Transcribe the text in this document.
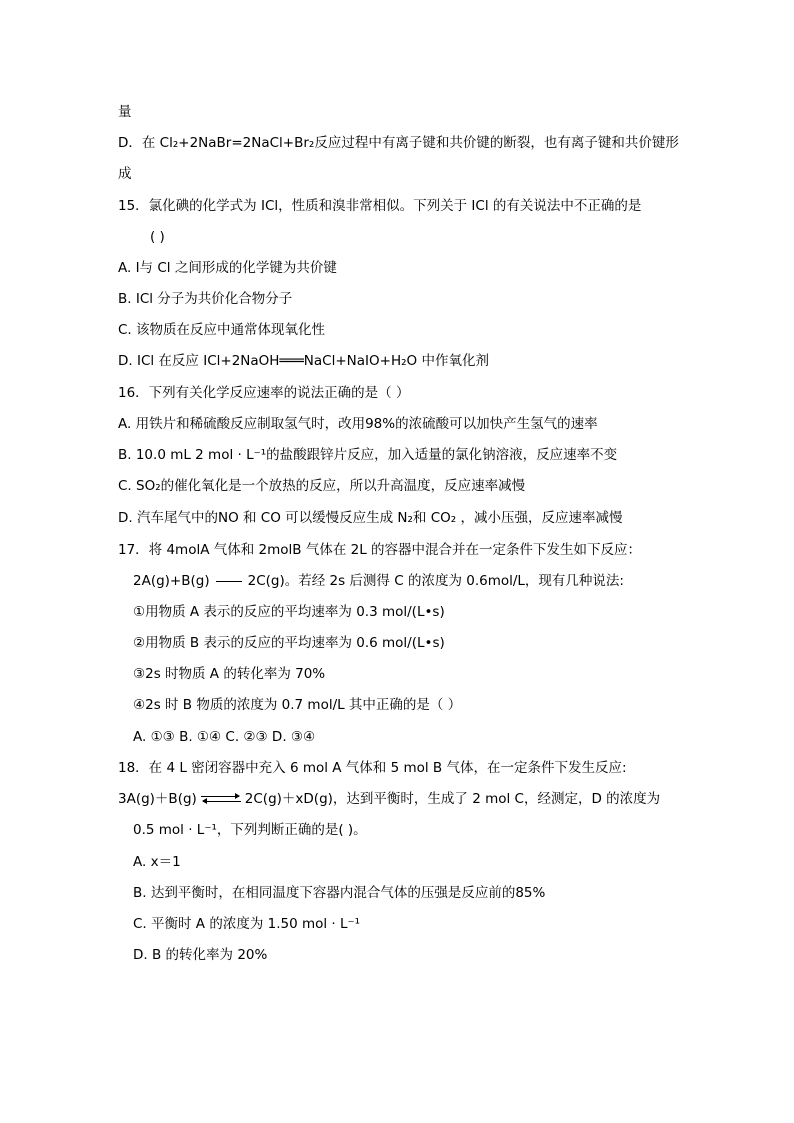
量
D．在 Cl₂+2NaBr=2NaCl+Br₂反应过程中有离子键和共价键的断裂，也有离子键和共价键形
成
15．氯化碘的化学式为 ICl，性质和溴非常相似。下列关于 ICl 的有关说法中不正确的是
( )
A. I与 Cl 之间形成的化学键为共价键
B. ICl 分子为共价化合物分子
C. 该物质在反应中通常体现氧化性
D. ICl 在反应 ICl+2NaOH═══NaCl+NaIO+H₂O 中作氧化剂
16．下列有关化学反应速率的说法正确的是（ ）
A. 用铁片和稀硫酸反应制取氢气时，改用98%的浓硫酸可以加快产生氢气的速率
B. 10.0 mL 2 mol · L⁻¹的盐酸跟锌片反应，加入适量的氯化钠溶液，反应速率不变
C. SO₂的催化氧化是一个放热的反应，所以升高温度，反应速率减慢
D. 汽车尾气中的NO 和 CO 可以缓慢反应生成 N₂和 CO₂ ，减小压强，反应速率减慢
17．将 4molA 气体和 2molB 气体在 2L 的容器中混合并在一定条件下发生如下反应：
2A(g)+B(g)	2C(g)。若经 2s 后测得 C 的浓度为 0.6mol/L，现有几种说法:
①用物质 A 表示的反应的平均速率为 0.3 mol/(L•s)
②用物质 B 表示的反应的平均速率为 0.6 mol/(L•s)
③2s 时物质 A 的转化率为 70%
④2s 时 B 物质的浓度为 0.7 mol/L 其中正确的是（ ）
A. ①③ B. ①④ C. ②③ D. ③④
18．在 4 L 密闭容器中充入 6 mol A 气体和 5 mol B 气体，在一定条件下发生反应:
3A(g)＋B(g) ⇌ 2C(g)＋xD(g)，达到平衡时，生成了 2 mol C，经测定，D 的浓度为
0.5 mol · L⁻¹，下列判断正确的是( )。
A. x＝1
B. 达到平衡时，在相同温度下容器内混合气体的压强是反应前的85%
C. 平衡时 A 的浓度为 1.50 mol · L⁻¹
D. B 的转化率为 20%
